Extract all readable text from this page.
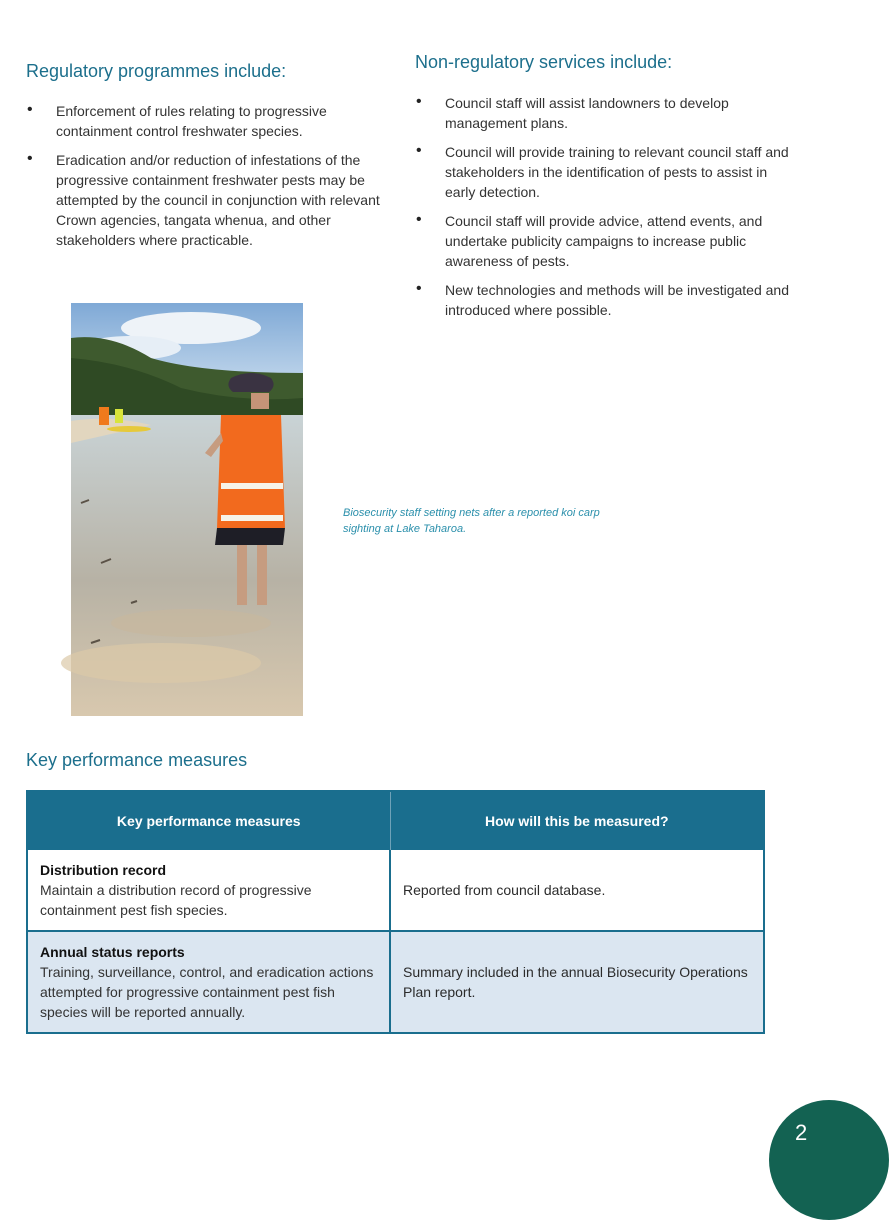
Regulatory programmes include:
• Enforcement of rules relating to progressive containment control freshwater species.
• Eradication and/or reduction of infestations of the progressive containment freshwater pests may be attempted by the council in conjunction with relevant Crown agencies, tangata whenua, and other stakeholders where practicable.
Non-regulatory services include:
• Council staff will assist landowners to develop management plans.
• Council will provide training to relevant council staff and stakeholders in the identification of pests to assist in early detection.
• Council staff will provide advice, attend events, and undertake publicity campaigns to increase public awareness of pests.
• New technologies and methods will be investigated and introduced where possible.

Biosecurity staff setting nets after a reported koi carp sighting at Lake Taharoa.

Key performance measures
Key performance measures	How will this be measured?

Distribution record
Maintain a distribution record of progressive containment pest fish species.	Reported from council database.

Annual status reports
Training, surveillance, control, and eradication actions attempted for progressive containment pest fish species will be reported annually.	Summary included in the annual Biosecurity Operations Plan report.
2
